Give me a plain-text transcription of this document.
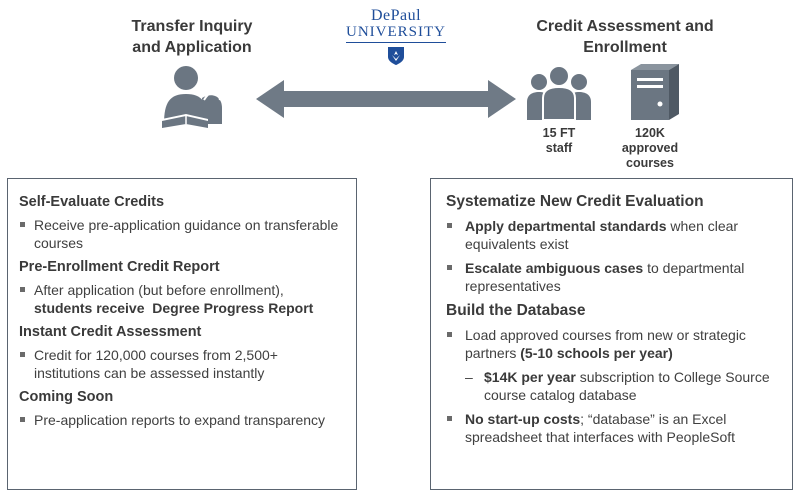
Transfer Inquiry
and Application
DePaul
UNIVERSITY	Credit Assessment and
Enrollment
15 FT
staff
120K
approved
courses
Self-Evaluate Credits
Receive pre-application guidance on transferable courses
Pre-Enrollment Credit Report
After application (but before enrollment), students receive  Degree Progress Report
Instant Credit Assessment
Credit for 120,000 courses from 2,500+ institutions can be assessed instantly
Coming Soon
Pre-application reports to expand transparency
Systematize New Credit Evaluation
Apply departmental standards when clear equivalents exist
Escalate ambiguous cases to departmental representatives
Build the Database
Load approved courses from new or strategic partners (5-10 schools per year)
– $14K per year subscription to College Source course catalog database
No start-up costs; “database” is an Excel spreadsheet that interfaces with PeopleSoft
